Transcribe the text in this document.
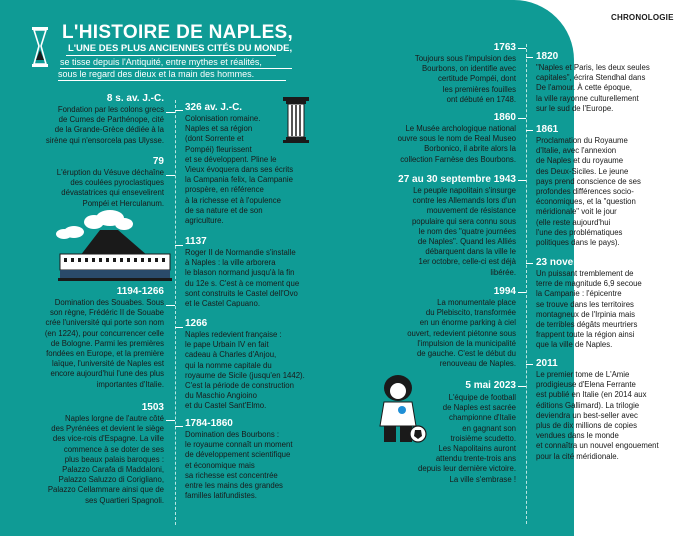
CHRONOLOGIE
L'HISTOIRE DE NAPLES,
L'UNE DES PLUS ANCIENNES CITÉS DU MONDE,
se tisse depuis l'Antiquité, entre mythes et réalités,
sous le regard des dieux et la main des hommes.
8 s. av. J.-C.
Fondation par les colons grecs
de Cumes de Parthénope, cité
de la Grande-Grèce dédiée à la
sirène qui n'ensorcela pas Ulysse.
79
L'éruption du Vésuve déchaîne
des coulées pyroclastiques
dévastatrices qui ensevelirent
Pompéi et Herculanum.
1194-1266
Domination des Souabes. Sous
son règne, Frédéric II de Souabe
crée l'université qui porte son nom
(en 1224), pour concurrencer celle
de Bologne. Parmi les premières
fondées en Europe, et la première
laïque, l'université de Naples est
encore aujourd'hui l'une des plus
importantes d'Italie.
1503
Naples lorgne de l'autre côté
des Pyrénées et devient le siège
des vice-rois d'Espagne. La ville
commence à se doter de ses
plus beaux palais baroques :
Palazzo Carafa di Maddaloni,
Palazzo Saluzzo di Corigliano,
Palazzo Cellammare ainsi que de
ses Quartieri Spagnoli.
326 av. J.-C.
Colonisation romaine.
Naples et sa région
(dont Sorrente et
Pompéi) fleurissent
et se développent. Pline le
Vieux évoquera dans ses écrits
la Campania felix, la Campanie
prospère, en référence
à la richesse et à l'opulence
de sa nature et de son
agriculture.
1137
Roger II de Normandie s'installe
à Naples : la ville arborera
le blason normand jusqu'à la fin
du 12e s. C'est à ce moment que
sont construits le Castel dell'Ovo
et le Castel Capuano.
1266
Naples redevient française :
le pape Urbain IV en fait
cadeau à Charles d'Anjou,
qui la nomme capitale du
royaume de Sicile (jusqu'en 1442).
C'est la période de construction
du Maschio Angioino
et du Castel Sant'Elmo.
1784-1860
Domination des Bourbons :
le royaume connaît un moment
de développement scientifique
et économique mais
sa richesse est concentrée
entre les mains des grandes
familles latifundistes.
1763
Toujours sous l'impulsion des
Bourbons, on identifie avec
certitude Pompéi, dont
les premières fouilles
ont débuté en 1748.
1860
Le Musée archologique national
ouvre sous le nom de Real Museo
Borbonico, il abrite alors la
collection Farnèse des Bourbons.
27 au 30 septembre 1943
Le peuple napolitain s'insurge
contre les Allemands lors d'un
mouvement de résistance
populaire qui sera connu sous
le nom des "quatre journées
de Naples". Quand les Alliés
débarquent dans la ville le
1er octobre, celle-ci est déjà
libérée.
1994
La monumentale place
du Plebiscito, transformée
en un énorme parking à ciel
ouvert, redevient piétonne sous
l'impulsion de la municipalité
de gauche. C'est le début du
renouveau de Naples.
5 mai 2023
L'équipe de football
de Naples est sacrée
championne d'Italie
en gagnant son
troisième scudetto.
Les Napolitains auront
attendu trente-trois ans
depuis leur dernière victoire.
La ville s'embrase !
1820
"Naples et Paris, les deux seules
capitales", écrira Stendhal dans
De l'amour. À cette époque,
la ville rayonne culturellement
sur le sud de l'Europe.
1861
Proclamation du Royaume
d'Italie, avec l'annexion
de Naples et du royaume
des Deux-Siciles. Le jeune
pays prend conscience de ses
profondes différences socio-
économiques, et la "question
méridionale" voit le jour
(elle reste aujourd'hui
l'une des problématiques
politiques dans le pays).
23 novembre 1980
Un puissant tremblement de
terre de magnitude 6,9 secoue
la Campanie : l'épicentre
se trouve dans les territoires
montagneux de l'Irpinia mais
de terribles dégâts meurtriers
frappent toute la région ainsi
que la ville de Naples.
2011
Le premier tome de L'Amie
prodigieuse d'Elena Ferrante
est publié en Italie (en 2014 aux
éditions Gallimard). La trilogie
deviendra un best-seller avec
plus de dix millions de copies
vendues dans le monde
et connaîtra un nouvel engouement
pour la cité méridionale.
